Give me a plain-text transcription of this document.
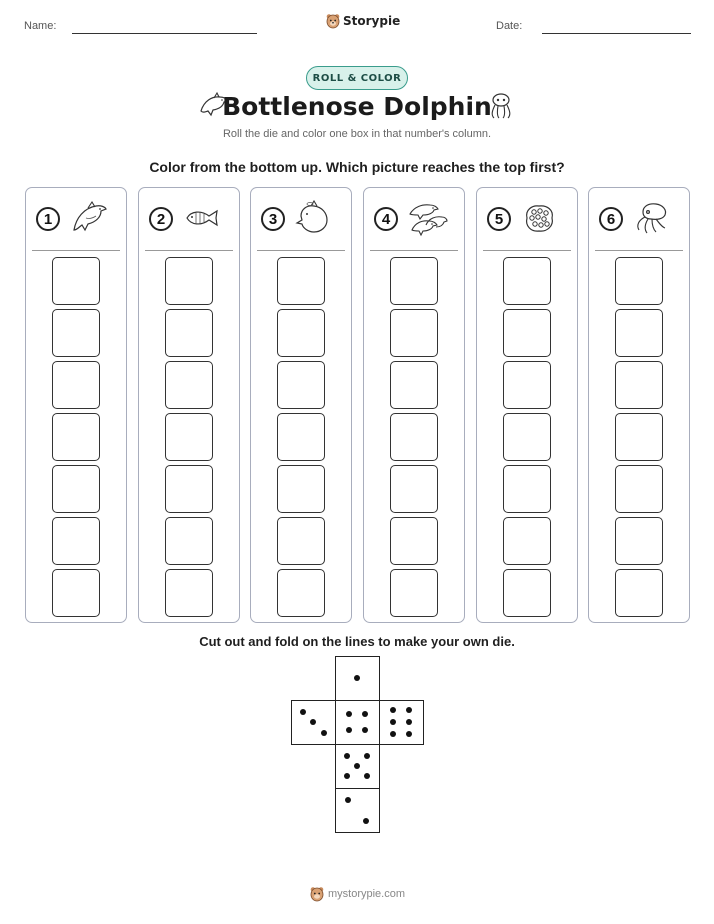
Name:	Storypie	Date:
ROLL & COLOR
Bottlenose Dolphin
Roll the die and color one box in that number's column.
Color from the bottom up. Which picture reaches the top first?
1	2	3	4	5	6
Cut out and fold on the lines to make your own die.
mystorypie.com
